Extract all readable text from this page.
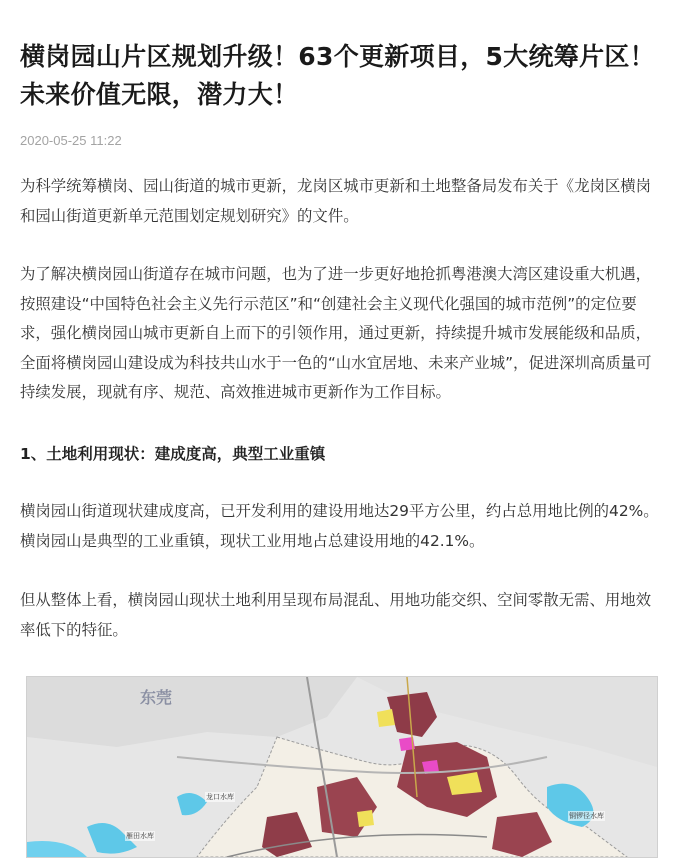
横岗园山片区规划升级！63个更新项目，5大统筹片区！未来价值无限，潜力大！
2020-05-25 11:22

为科学统筹横岗、园山街道的城市更新，龙岗区城市更新和土地整备局发布关于《龙岗区横岗和园山街道更新单元范围划定规划研究》的文件。

为了解决横岗园山街道存在城市问题，也为了进一步更好地抢抓粤港澳大湾区建设重大机遇，按照建设“中国特色社会主义先行示范区”和“创建社会主义现代化强国的城市范例”的定位要求，强化横岗园山城市更新自上而下的引领作用，通过更新，持续提升城市发展能级和品质，全面将横岗园山建设成为科技共山水于一色的“山水宜居地、未来产业城”，促进深圳高质量可持续发展，现就有序、规范、高效推进城市更新作为工作目标。

1、土地利用现状：建成度高，典型工业重镇

横岗园山街道现状建成度高，已开发利用的建设用地达29平方公里，约占总用地比例的42%。横岗园山是典型的工业重镇，现状工业用地占总建设用地的42.1%。

但从整体上看，横岗园山现状土地利用呈现布局混乱、用地功能交织、空间零散无需、用地效率低下的特征。

东莞
龙口水库
雁田水库
铜锣径水库
